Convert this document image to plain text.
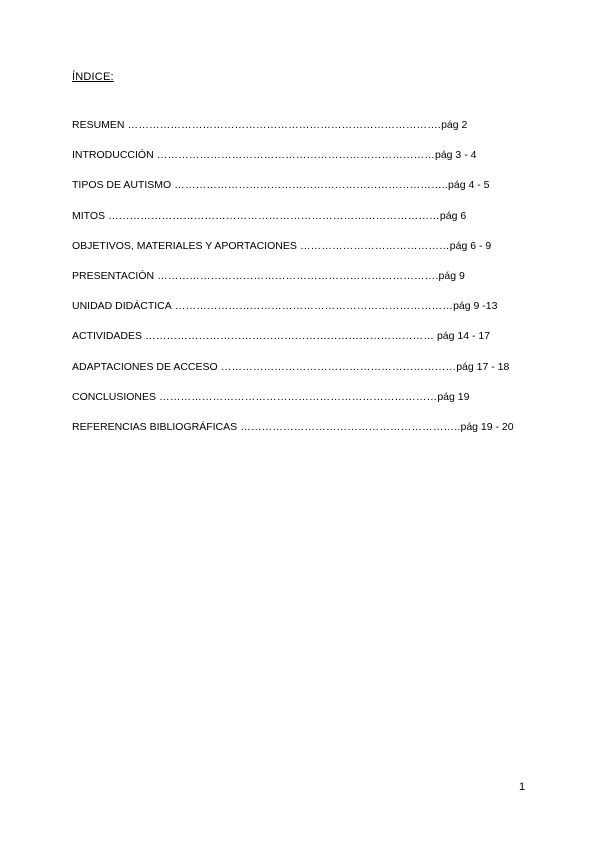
ÍNDICE:
RESUMEN …………………………………………………………………………….pág 2
INTRODUCCIÓN ……………………………………………………………………pág 3 - 4
TIPOS DE AUTISMO …………………………………………………………………..pág 4 - 5
MITOS …………………………………………………………………………………pág 6
OBJETIVOS, MATERIALES Y APORTACIONES ……………………………………pág 6 - 9
PRESENTACIÓN …………………………………………………………………….pág 9
UNIDAD DIDÁCTICA ……………………………………………………………………pág 9 -13
ACTIVIDADES ……………………………………………………………………… pág 14 - 17
ADAPTACIONES DE ACCESO …………………………………………………………pág 17 - 18
CONCLUSIONES ……………………………………………………………………pág 19
REFERENCIAS BIBLIOGRÁFICAS ……………………………………………………..pág 19 - 20
1
